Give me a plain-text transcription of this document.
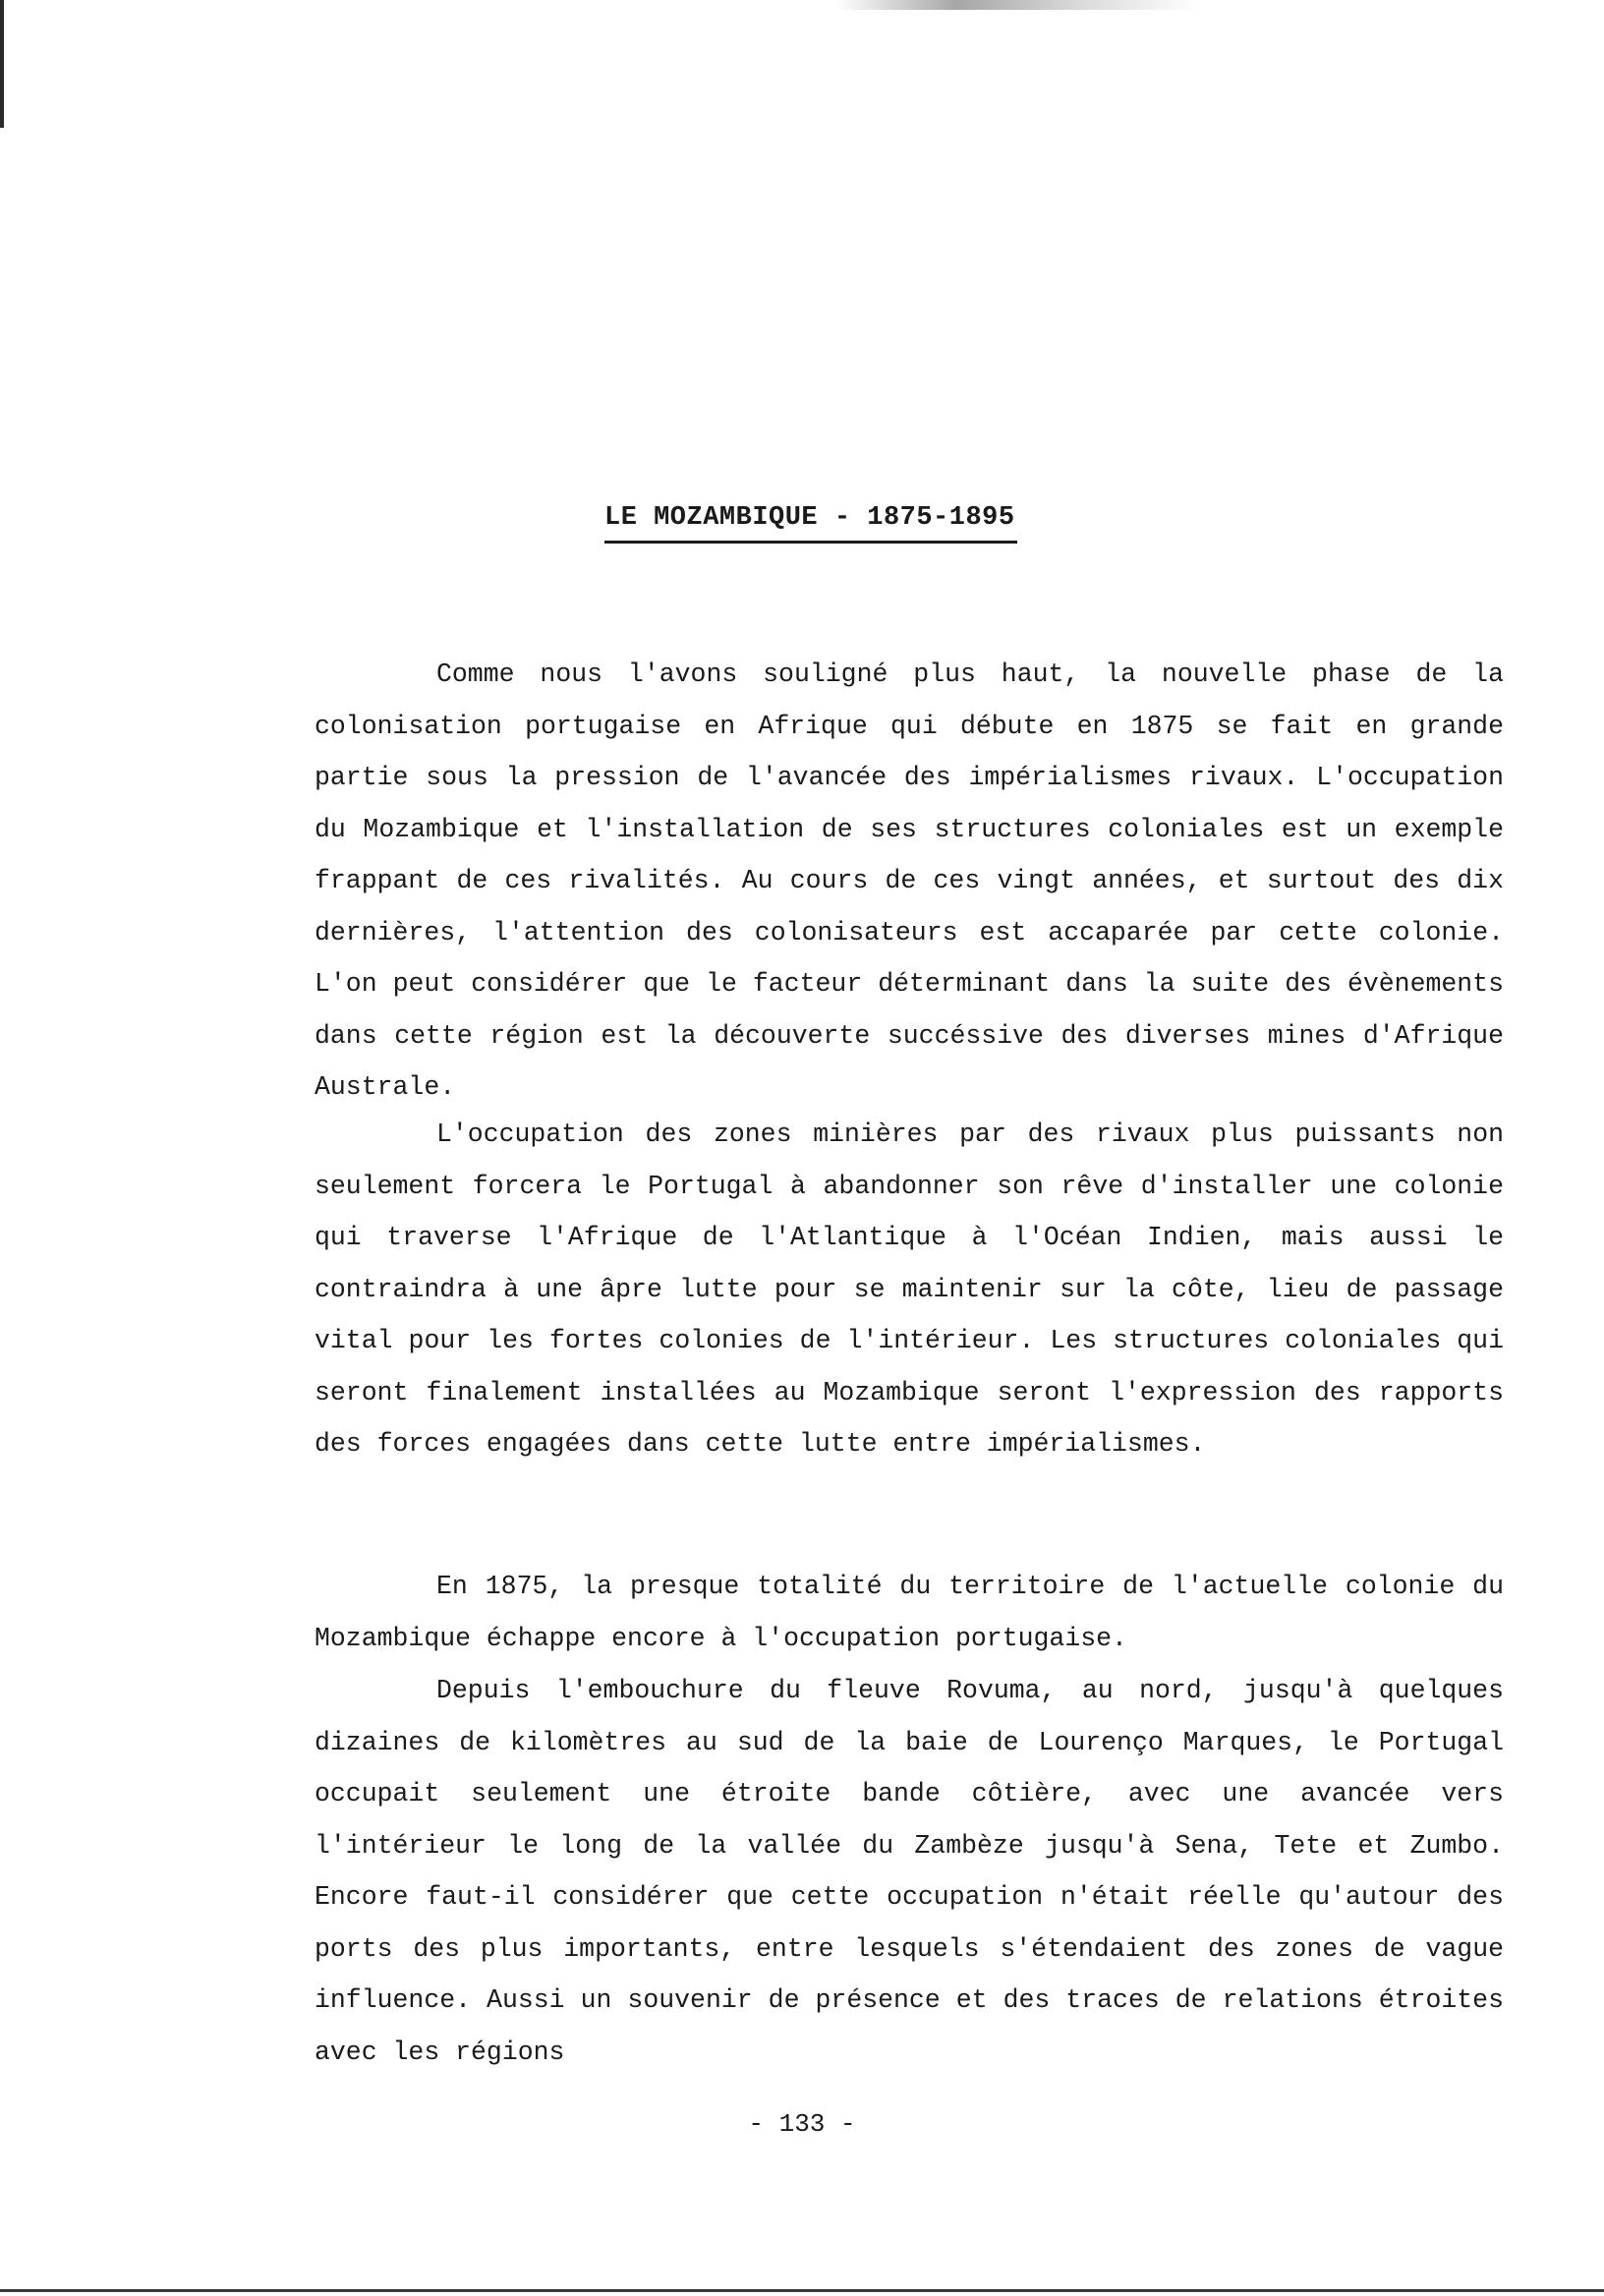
LE MOZAMBIQUE - 1875-1895

Comme nous l'avons souligné plus haut, la nouvelle phase de la colonisation portugaise en Afrique qui débute en 1875 se fait en grande partie sous la pression de l'avancée des impérialismes rivaux. L'occupation du Mozambique et l'installation de ses structures coloniales est un exemple frappant de ces rivalités. Au cours de ces vingt années, et surtout des dix dernières, l'attention des colonisateurs est accaparée par cette colonie. L'on peut considérer que le facteur déterminant dans la suite des évènements dans cette région est la découverte succéssive des diverses mines d'Afrique Australe.

L'occupation des zones minières par des rivaux plus puissants non seulement forcera le Portugal à abandonner son rêve d'installer une colonie qui traverse l'Afrique de l'Atlantique à l'Océan Indien, mais aussi le contraindra à une âpre lutte pour se maintenir sur la côte, lieu de passage vital pour les fortes colonies de l'intérieur. Les structures coloniales qui seront finalement installées au Mozambique seront l'expression des rapports des forces engagées dans cette lutte entre impérialismes.

En 1875, la presque totalité du territoire de l'actuelle colonie du Mozambique échappe encore à l'occupation portugaise.

Depuis l'embouchure du fleuve Rovuma, au nord, jusqu'à quelques dizaines de kilomètres au sud de la baie de Lourenço Marques, le Portugal occupait seulement une étroite bande côtière, avec une avancée vers l'intérieur le long de la vallée du Zambèze jusqu'à Sena, Tete et Zumbo. Encore faut-il considérer que cette occupation n'était réelle qu'autour des ports des plus importants, entre lesquels s'étendaient des zones de vague influence. Aussi un souvenir de présence et des traces de relations étroites avec les régions

- 133 -
